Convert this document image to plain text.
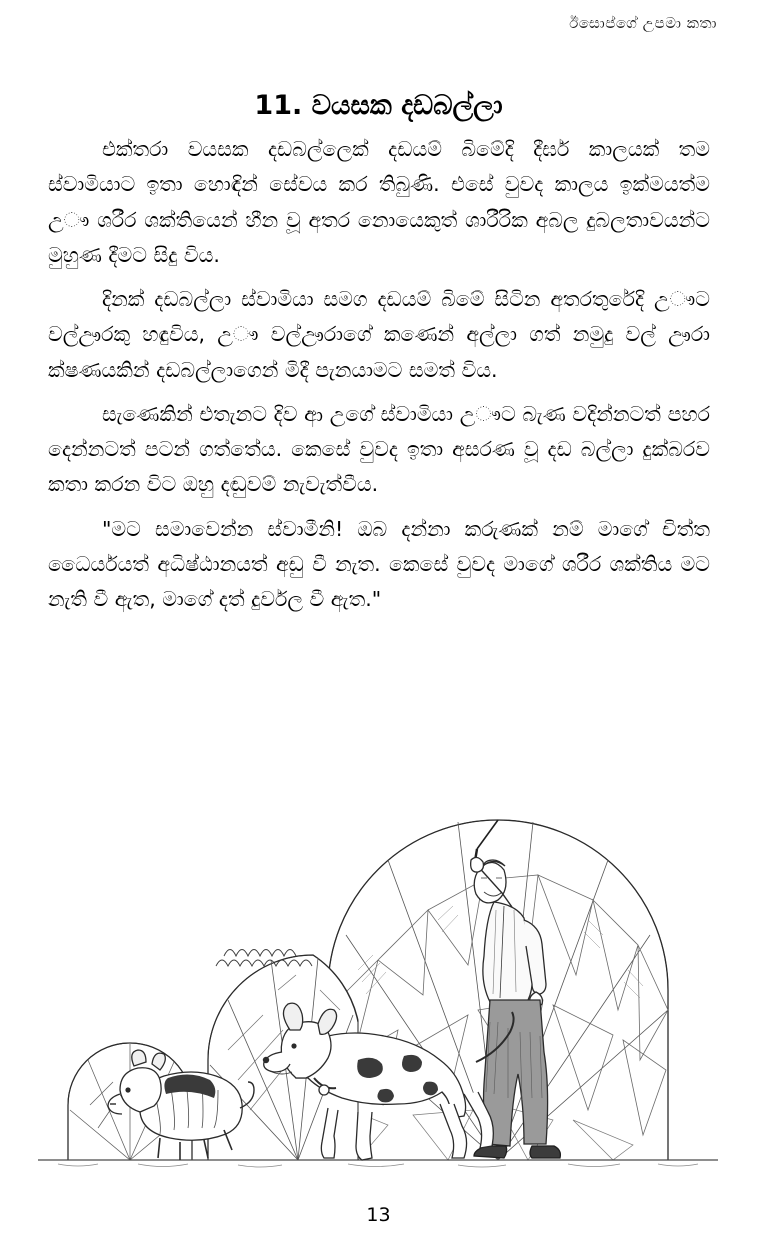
ඊසොප්ගේ උපමා කතා
11. වයසක දඩබල්ලා

එක්තරා වයසක දඩබල්ලෙක් දඩයම් බිමේදි දීර්ඝ කාලයක් තම ස්වාමියාට ඉතා හොඳින් සේවය කර තිබුණි. එසේ වුවද කාලය ඉක්මයත්ම උෟ ශරීර ශක්තියෙන් හීන වූ අතර නොයෙකුත් ශාරීරික අබල දුබලතාවයන්ට මුහුණ දීමට සිදු විය.

දිනක් දඩබල්ලා ස්වාමියා සමග දඩයම් බිමේ සිටින අතරතුරේදි උෟට වල්ඌරකු හඳුවිය, උෟ වල්ඌරාගේ කණෙන් අල්ලා ගත් නමුදු වල් ඌරා ක්ෂණයකින් දඩබල්ලාගෙන් මිදී පැනයාමට සමත් විය.

සැණෙකින් එතැනට දිව ආ උගේ ස්වාමියා උෟට බැණ වදින්නටත් පහර දෙන්නටත් පටන් ගත්තේය. කෙසේ වුවද ඉතා අසරණ වූ දඩ බල්ලා දුක්බරව කතා කරන විට ඔහු දඬුවම් නැවැත්වීය.

"මට සමාවෙන්න ස්වාමීනි! ඔබ දන්නා කරුණක් නම් මාගේ චිත්ත ධෛර්යයත් අධිෂ්ඨානයත් අඩු වී නැත. කෙසේ වුවද මාගේ ශරීර ශක්තිය මට නැති වී ඇත, මාගේ දත් දුර්වල වී ඇත."

13
